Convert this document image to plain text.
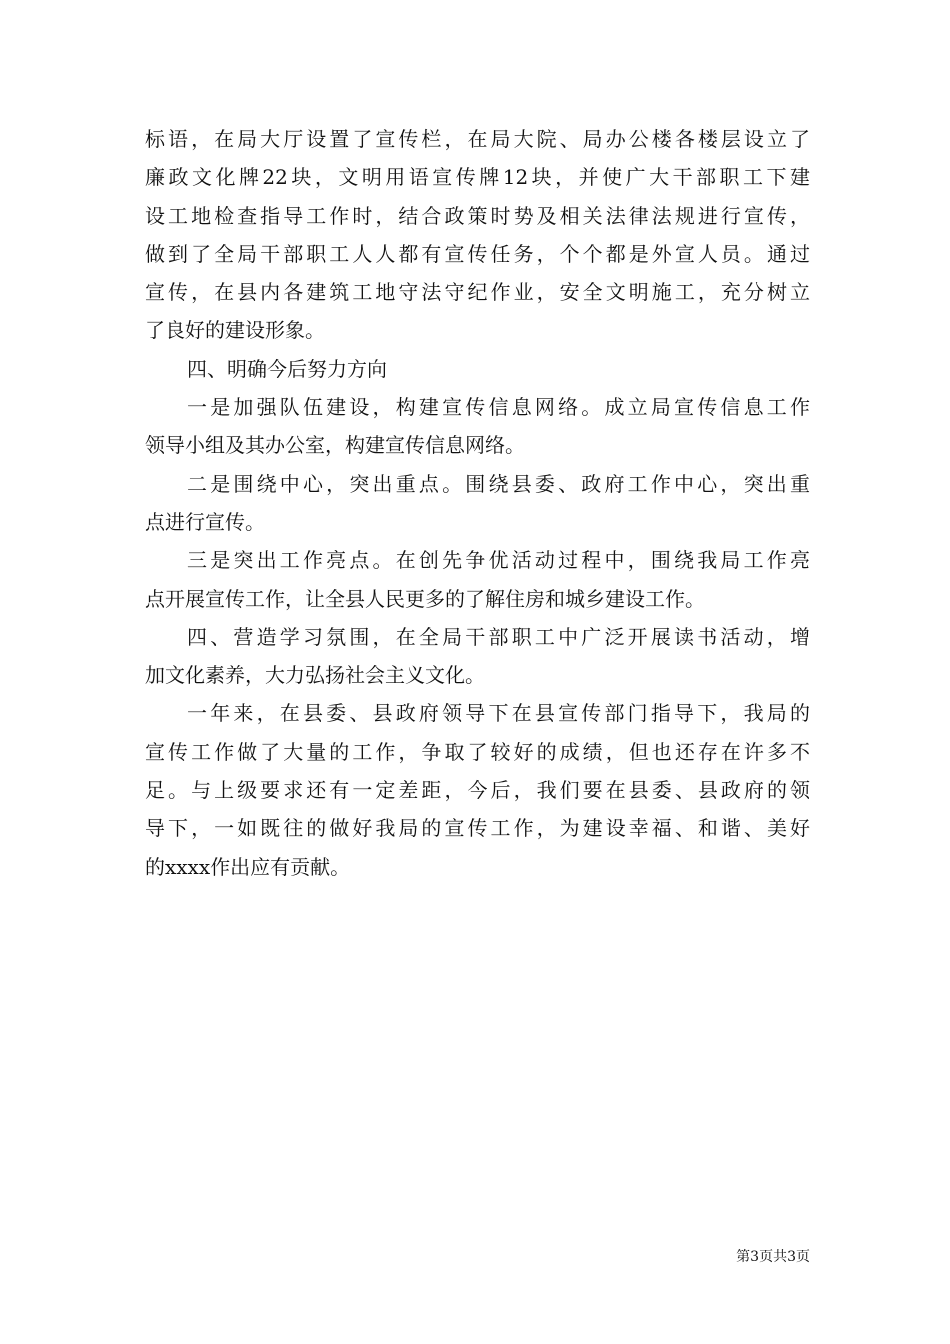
标语，在局大厅设置了宣传栏，在局大院、局办公楼各楼层设立了
廉政文化牌22块，文明用语宣传牌12块，并使广大干部职工下建
设工地检查指导工作时，结合政策时势及相关法律法规进行宣传，
做到了全局干部职工人人都有宣传任务，个个都是外宣人员。通过
宣传，在县内各建筑工地守法守纪作业，安全文明施工，充分树立
了良好的建设形象。
四、明确今后努力方向
一是加强队伍建设，构建宣传信息网络。成立局宣传信息工作
领导小组及其办公室，构建宣传信息网络。
二是围绕中心，突出重点。围绕县委、政府工作中心，突出重
点进行宣传。
三是突出工作亮点。在创先争优活动过程中，围绕我局工作亮
点开展宣传工作，让全县人民更多的了解住房和城乡建设工作。
四、营造学习氛围，在全局干部职工中广泛开展读书活动，增
加文化素养，大力弘扬社会主义文化。
一年来，在县委、县政府领导下在县宣传部门指导下，我局的
宣传工作做了大量的工作，争取了较好的成绩，但也还存在许多不
足。与上级要求还有一定差距，今后，我们要在县委、县政府的领
导下，一如既往的做好我局的宣传工作，为建设幸福、和谐、美好
的xxxx作出应有贡献。
第3页共3页
